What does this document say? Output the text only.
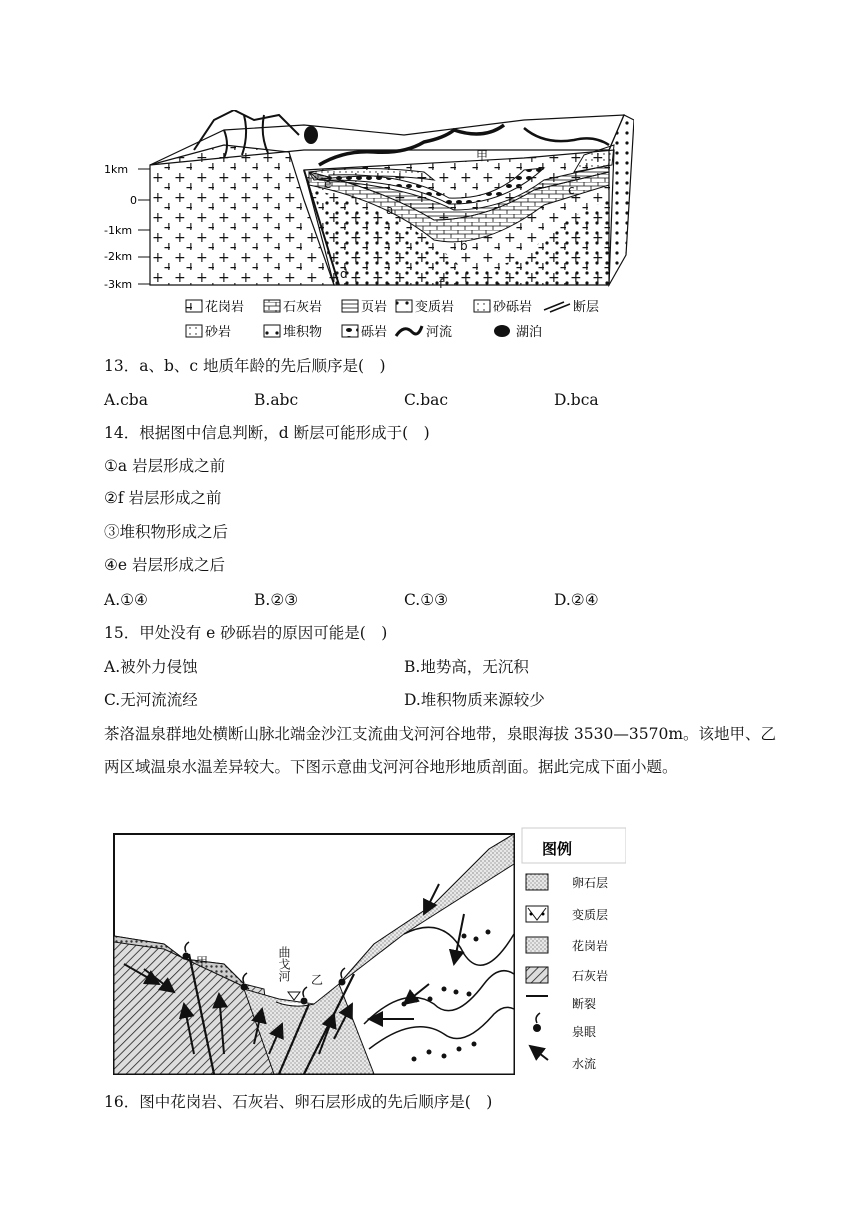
1km
0
-1km
-2km
-3km
甲
a
b
c
d
e
f
花岗岩	石灰岩	页岩 变质岩	砂砾岩	断层
砂岩	堆积物	砾岩	河流	湖泊
13．a、b、c 地质年龄的先后顺序是(　)
A.cba	B.abc	C.bac	D.bca
14．根据图中信息判断，d 断层可能形成于(　)
①a 岩层形成之前
②f 岩层形成之前
③堆积物形成之后
④e 岩层形成之后
A.①④	B.②③	C.①③	D.②④
15．甲处没有 e 砂砾岩的原因可能是(　)
A.被外力侵蚀	B.地势高，无沉积
C.无河流流经	D.堆积物质来源较少
茶洛温泉群地处横断山脉北端金沙江支流曲戈河河谷地带，泉眼海拔 3530—3570m。该地甲、乙两区域温泉水温差异较大。下图示意曲戈河河谷地形地质剖面。据此完成下面小题。
甲
乙
曲戈河
图例
卵石层
变质层
花岗岩
石灰岩
断裂
泉眼
水流
16．图中花岗岩、石灰岩、卵石层形成的先后顺序是(　)
